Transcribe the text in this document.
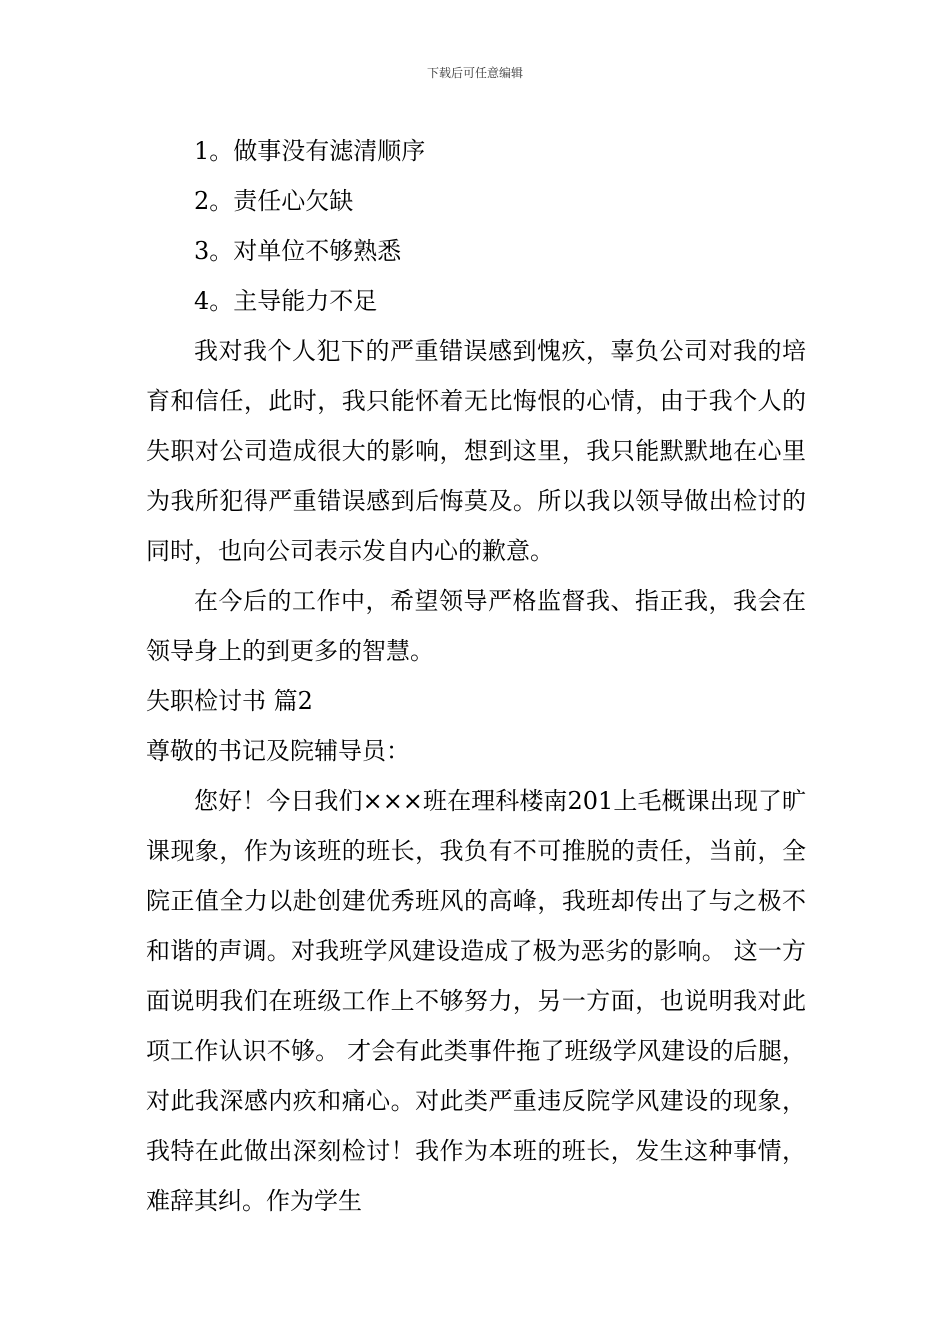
下载后可任意编辑

1。做事没有滤清顺序

2。责任心欠缺

3。对单位不够熟悉

4。主导能力不足

我对我个人犯下的严重错误感到愧疚，辜负公司对我的培育和信任，此时，我只能怀着无比悔恨的心情，由于我个人的失职对公司造成很大的影响，想到这里，我只能默默地在心里为我所犯得严重错误感到后悔莫及。所以我以领导做出检讨的同时，也向公司表示发自内心的歉意。

在今后的工作中，希望领导严格监督我、指正我，我会在领导身上的到更多的智慧。

失职检讨书 篇2

尊敬的书记及院辅导员：

您好！今日我们×××班在理科楼南201上毛概课出现了旷课现象，作为该班的班长，我负有不可推脱的责任，当前，全院正值全力以赴创建优秀班风的高峰，我班却传出了与之极不和谐的声调。对我班学风建设造成了极为恶劣的影响。 这一方面说明我们在班级工作上不够努力，另一方面，也说明我对此项工作认识不够。 才会有此类事件拖了班级学风建设的后腿，对此我深感内疚和痛心。对此类严重违反院学风建设的现象，我特在此做出深刻检讨！我作为本班的班长，发生这种事情，难辞其纠。作为学生
